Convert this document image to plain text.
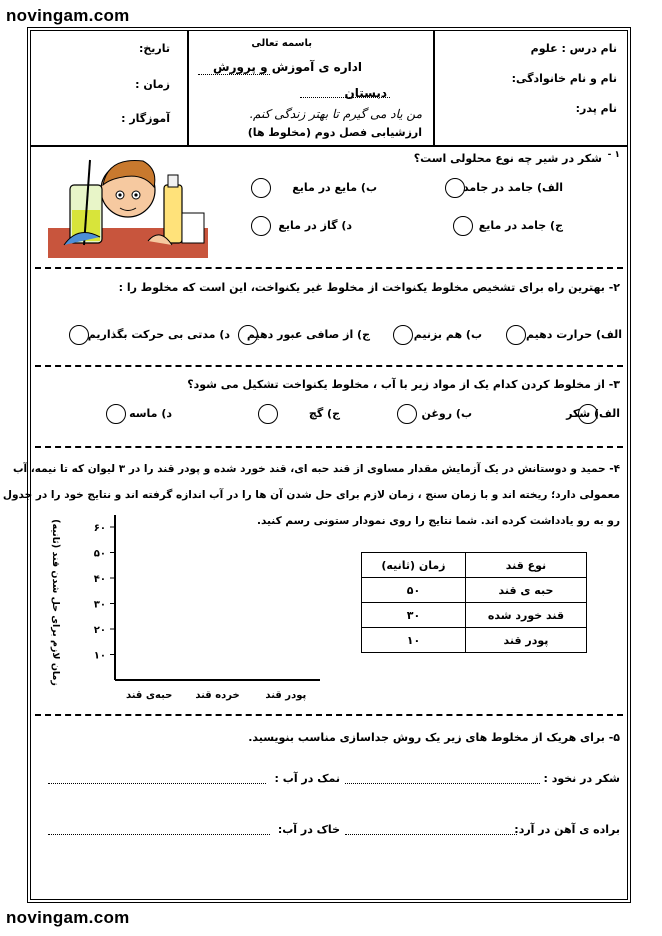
novingam.com
novingam.com
نام درس : علوم
نام و نام خانوادگی:
نام پدر:
باسمه تعالی
اداره ی آموزش و پرورش
دبستان
من یاد می گیرم تا بهتر زندگی کنم.
ارزشیابی فصل دوم (مخلوط ها)
تاریخ:
زمان :
آموزگار :
۱ -
شکر در شیر چه نوع محلولی است؟
الف) جامد در جامد
ب) مایع در مایع
ج) جامد در مایع
د) گاز در مایع
۲- بهترین راه برای تشخیص مخلوط یکنواخت از مخلوط غیر یکنواخت، این است که مخلوط را :
الف) حرارت دهیم
ب) هم بزنیم
ج) از صافی عبور دهیم
د) مدتی بی حرکت بگذاریم
۳- از مخلوط کردن کدام یک از مواد زیر با آب ، مخلوط یکنواخت تشکیل می شود؟
الف) شکر
ب) روغن
ج) گچ
د) ماسه
۴- حمید و دوستانش در یک آزمایش مقدار مساوی از قند حبه ای، قند خورد شده و پودر قند را در ۳ لیوان که تا نیمه، آب
معمولی دارد؛ ریخته اند و با زمان سنج ، زمان لازم برای حل شدن آن ها را در آب اندازه گرفته اند و نتایج خود را در جدول
رو به رو یادداشت کرده اند. شما نتایج را روی نمودار ستونی رسم کنید.
نوع قند	زمان (ثانیه)
حبه ی قند	۵۰
قند خورد شده	۳۰
پودر قند	۱۰
۱۰
۲۰
۳۰
۴۰
۵۰
۶۰
حبه‌ی قند خرده قند	پودر قند
زمان لازم برای حل شدن قند (ثانیه)
۵- برای هریک از مخلوط های زیر یک روش جداسازی مناسب بنویسید.
شکر در نخود :
نمک در آب :
براده ی آهن در آرد:
خاک در آب:
